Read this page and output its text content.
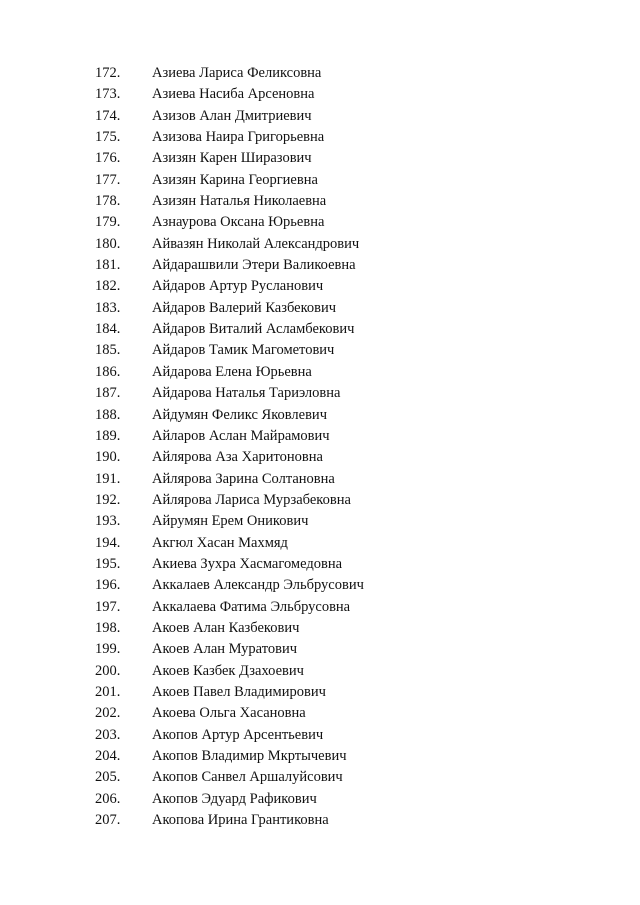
172. Азиева Лариса Феликсовна
173. Азиева Насиба Арсеновна
174. Азизов Алан Дмитриевич
175. Азизова Наира Григорьевна
176. Азизян Карен Ширазович
177. Азизян Карина Георгиевна
178. Азизян Наталья Николаевна
179. Азнаурова Оксана Юрьевна
180. Айвазян Николай Александрович
181. Айдарашвили Этери Валикоевна
182. Айдаров Артур Русланович
183. Айдаров Валерий Казбекович
184. Айдаров Виталий Асламбекович
185. Айдаров Тамик Магометович
186. Айдарова Елена Юрьевна
187. Айдарова Наталья Тариэловна
188. Айдумян Феликс Яковлевич
189. Айларов Аслан Майрамович
190. Айлярова Аза Харитоновна
191. Айлярова Зарина Солтановна
192. Айлярова Лариса Мурзабековна
193. Айрумян Ерем Оникович
194. Акгюл Хасан Махмяд
195. Акиева Зухра Хасмагомедовна
196. Аккалаев Александр Эльбрусович
197. Аккалаева Фатима Эльбрусовна
198. Акоев Алан Казбекович
199. Акоев Алан Муратович
200. Акоев Казбек Дзахоевич
201. Акоев Павел Владимирович
202. Акоева Ольга Хасановна
203. Акопов Артур Арсентьевич
204. Акопов Владимир Мкртычевич
205. Акопов Санвел Аршалуйсович
206. Акопов Эдуард Рафикович
207. Акопова Ирина Грантиковна
